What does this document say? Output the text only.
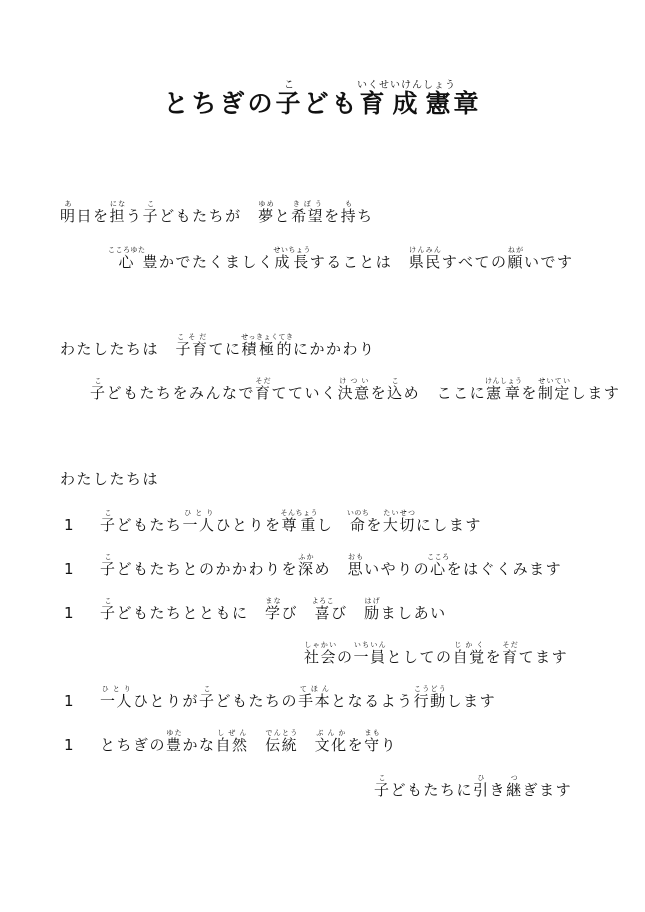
とちぎの子こども育成憲いくせいけんしょう章
明あ日を担になう子こどもたちが　夢ゆめと希望きぼうを持もち
心こころゆた豊かでたくましく成長せいちょうすることは　県民けんみんすべての願ねがいです
わたしたちは　子育こそだてに積極的せっきょくてきにかかわり
子こどもたちをみんなで育そだてていく決意けついを込こめ　ここに憲章けんしょうを制定せいていします
わたしたちは
1 子こどもたち一人ひとりひとりを尊重そんちょうし　命いのちを大切たいせつにします
1 子こどもたちとのかかわりを深ふかめ　思おもいやりの心こころをはぐくみます
1 子こどもたちとともに　学まなび　喜よろこび　励はげましあい
社会しゃかいの一員いちいんとしての自覚じかくを育そだてます
1 一人ひとりひとりが子こどもたちの手本てほんとなるよう行動こうどうします
1 とちぎの豊ゆたかな自然しぜん　伝統でんとう　文化ぶんかを守まもり
子こどもたちに引ひき継つぎます
